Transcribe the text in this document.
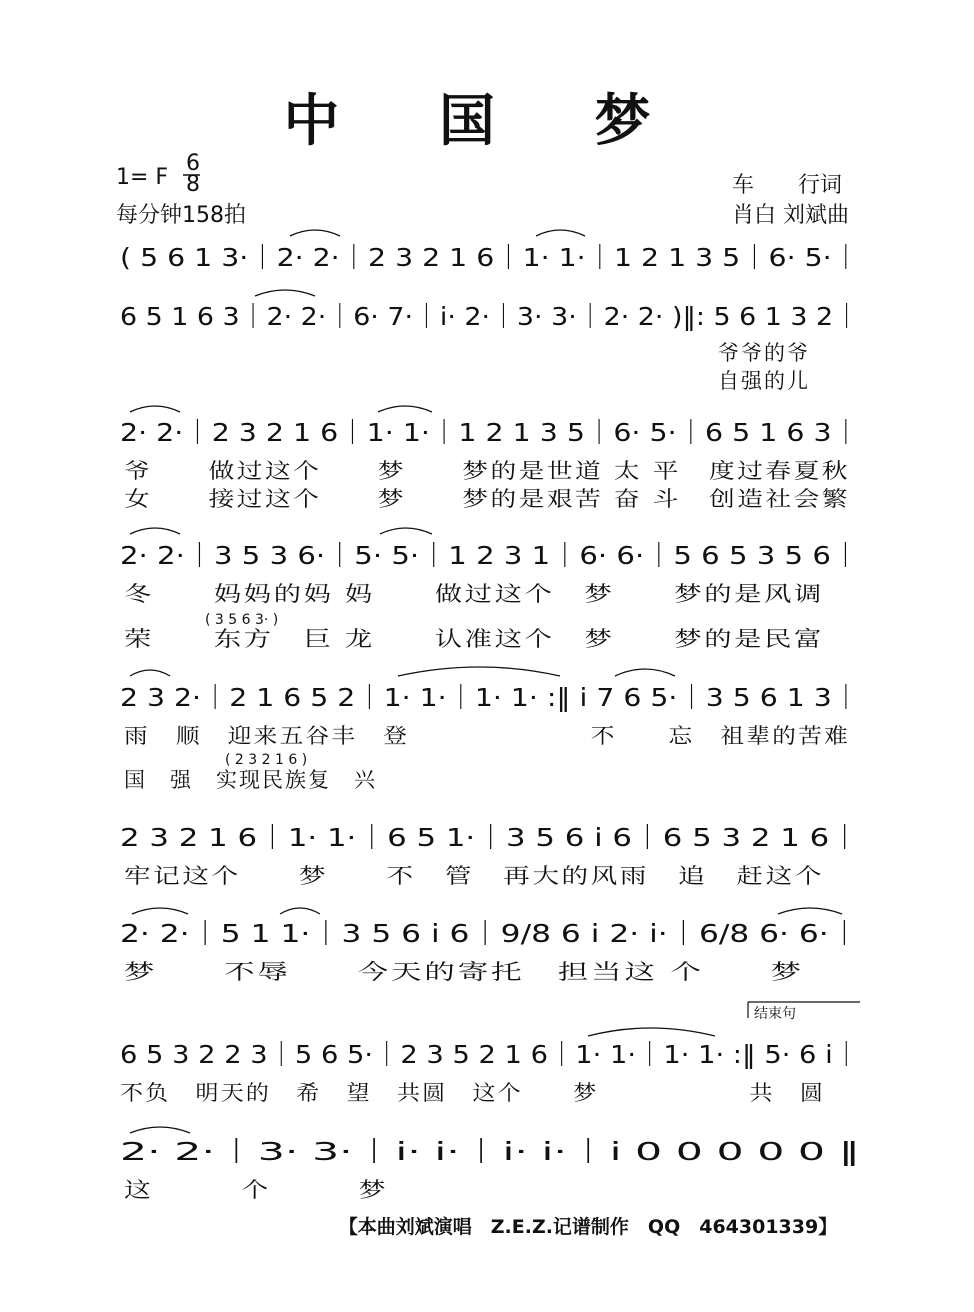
中 国 梦
1= F
6
8
每分钟158拍
车　　行词
肖白 刘斌曲
( 5 6 1 3·｜2· 2·｜2 3 2 1 6｜1· 1·｜1 2 1 3 5｜6· 5·｜
6 5 1 6 3｜2· 2·｜6· 7·｜i· 2·｜3· 3·｜2· 2· )‖: 5 6 1 3 2｜
爷爷的爷
自强的儿
2· 2·｜2 3 2 1 6｜1· 1·｜1 2 1 3 5｜6· 5·｜6 5 1 6 3｜
爷　　做过这个　　梦　　梦的是世道 太 平　度过春夏秋
女　　接过这个　　梦　　梦的是艰苦 奋 斗　创造社会繁
2· 2·｜3 5 3 6·｜5· 5·｜1 2 3 1｜6· 6·｜5 6 5 3 5 6｜
冬　　妈妈的妈 妈　　做过这个　梦　　梦的是风调
( 3 5 6 3· )
荣　　东方　巨 龙　　认准这个　梦　　梦的是民富
2 3 2·｜2 1 6 5 2｜1· 1·｜1· 1· :‖ i 7 6 5·｜3 5 6 1 3｜
雨　顺　迎来五谷丰　登　　　　　　　不　　忘　祖辈的苦难
( 2 3 2 1 6 )
国　强　实现民族复　兴
2 3 2 1 6｜1· 1·｜6 5 1·｜3 5 6 i 6｜6 5 3 2 1 6｜
牢记这个　　梦　　不　管　再大的风雨　追　赶这个
2· 2·｜5 1 1·｜3 5 6 i 6｜9/8 6 i 2· i·｜6/8 6· 6·｜
梦　　不辱　　今天的寄托　担当这 个　　梦
结束句
6 5 3 2 2 3｜5 6 5·｜2 3 5 2 1 6｜1· 1·｜1· 1· :‖ 5· 6 i｜
不负　明天的　希　望　共圆　这个　　梦　　　　　　共　圆
2· 2·｜3· 3·｜i· i·｜i· i·｜i 0 0 0 0 0 ‖
这　　　个　　　梦
【本曲刘斌演唱　Z.E.Z.记谱制作　QQ　464301339】
